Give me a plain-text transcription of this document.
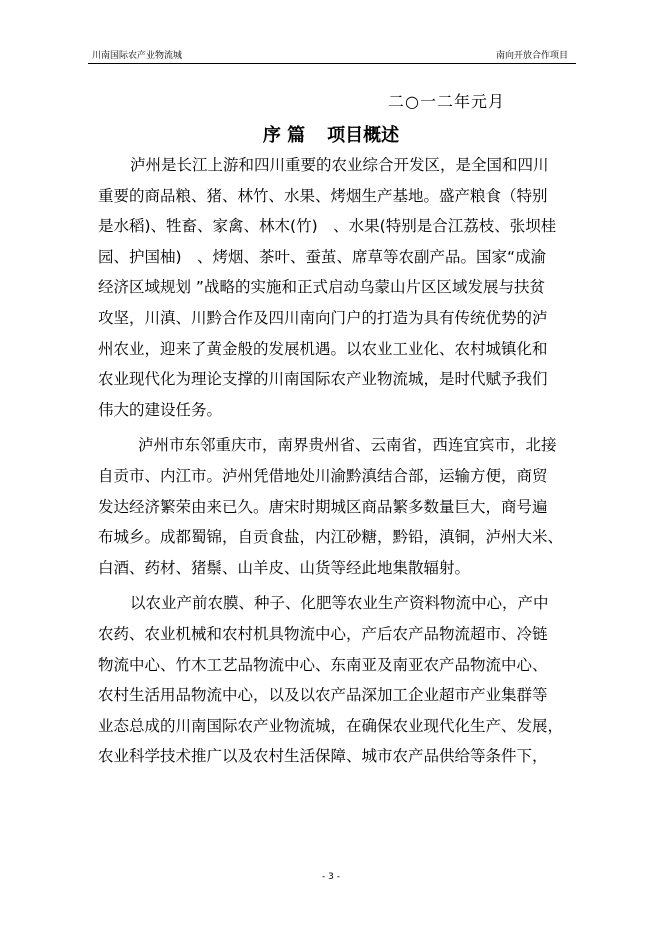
川南国际农产业物流城	南向开放合作项目
二○一二年元月
序 篇 项目概述
泸州是长江上游和四川重要的农业综合开发区，是全国和四川
重要的商品粮、猪、林竹、水果、烤烟生产基地。盛产粮食（特别
是水稻)、牲畜、家禽、林木(竹)　、水果(特别是合江荔枝、张坝桂
园、护国柚)　、烤烟、茶叶、蚕茧、席草等农副产品。国家“成渝
经济区域规划 ”战略的实施和正式启动乌蒙山片区区域发展与扶贫
攻坚，川滇、川黔合作及四川南向门户的打造为具有传统优势的泸
州农业，迎来了黄金般的发展机遇。以农业工业化、农村城镇化和
农业现代化为理论支撑的川南国际农产业物流城，是时代赋予我们
伟大的建设任务。
泸州市东邻重庆市，南界贵州省、云南省，西连宜宾市，北接
自贡市、内江市。泸州凭借地处川渝黔滇结合部，运输方便，商贸
发达经济繁荣由来已久。唐宋时期城区商品繁多数量巨大，商号遍
布城乡。成都蜀锦，自贡食盐，内江砂糖，黔铅，滇铜，泸州大米、
白酒、药材、猪鬃、山羊皮、山货等经此地集散辐射。
以农业产前农膜、种子、化肥等农业生产资料物流中心，产中
农药、农业机械和农村机具物流中心，产后农产品物流超市、冷链
物流中心、竹木工艺品物流中心、东南亚及南亚农产品物流中心、
农村生活用品物流中心，以及以农产品深加工企业超市产业集群等
业态总成的川南国际农产业物流城，在确保农业现代化生产、发展，
农业科学技术推广以及农村生活保障、城市农产品供给等条件下，
- 3 -
